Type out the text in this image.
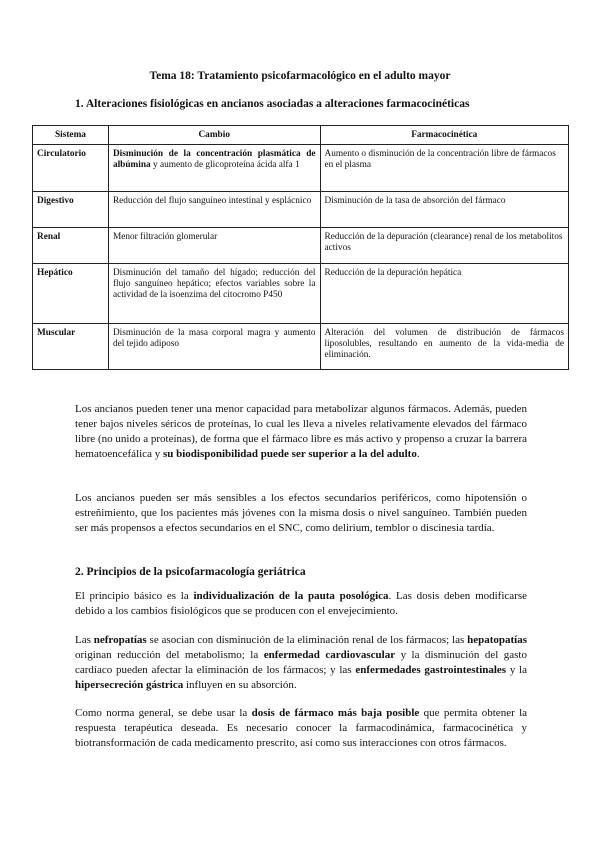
Tema 18: Tratamiento psicofarmacológico en el adulto mayor
1. Alteraciones fisiológicas en ancianos asociadas a alteraciones farmacocinéticas
Sistema	Cambio	Farmacocinética
Circulatorio	Disminución de la concentración plasmática de albúmina y aumento de glicoproteína ácida alfa 1	Aumento o disminución de la concentración libre de fármacos en el plasma
Digestivo	Reducción del flujo sanguíneo intestinal y esplácnico	Disminución de la tasa de absorción del fármaco
Renal	Menor filtración glomerular	Reducción de la depuración (clearance) renal de los metabolitos activos
Hepático	Disminución del tamaño del hígado; reducción del flujo sanguíneo hepático; efectos variables sobre la actividad de la isoenzima del citocromo P450	Reducción de la depuración hepática
Muscular	Disminución de la masa corporal magra y aumento del tejido adiposo	Alteración del volumen de distribución de fármacos liposolubles, resultando en aumento de la vida-media de eliminación.

Los ancianos pueden tener una menor capacidad para metabolizar algunos fármacos. Además, pueden tener bajos niveles séricos de proteínas, lo cual les lleva a niveles relativamente elevados del fármaco libre (no unido a proteínas), de forma que el fármaco libre es más activo y propenso a cruzar la barrera hematoencefálica y su biodisponibilidad puede ser superior a la del adulto.

Los ancianos pueden ser más sensibles a los efectos secundarios periféricos, como hipotensión o estreñimiento, que los pacientes más jóvenes con la misma dosis o nivel sanguíneo. También pueden ser más propensos a efectos secundarios en el SNC, como delirium, temblor o discinesia tardía.

2. Principios de la psicofarmacología geriátrica

El principio básico es la individualización de la pauta posológica. Las dosis deben modificarse debido a los cambios fisiológicos que se producen con el envejecimiento.

Las nefropatías se asocian con disminución de la eliminación renal de los fármacos; las hepatopatías originan reducción del metabolismo; la enfermedad cardiovascular y la disminución del gasto cardíaco pueden afectar la eliminación de los fármacos; y las enfermedades gastrointestinales y la hipersecreción gástrica influyen en su absorción.

Como norma general, se debe usar la dosis de fármaco más baja posible que permita obtener la respuesta terapéutica deseada. Es necesario conocer la farmacodinámica, farmacocinética y biotransformación de cada medicamento prescrito, así como sus interacciones con otros fármacos.
